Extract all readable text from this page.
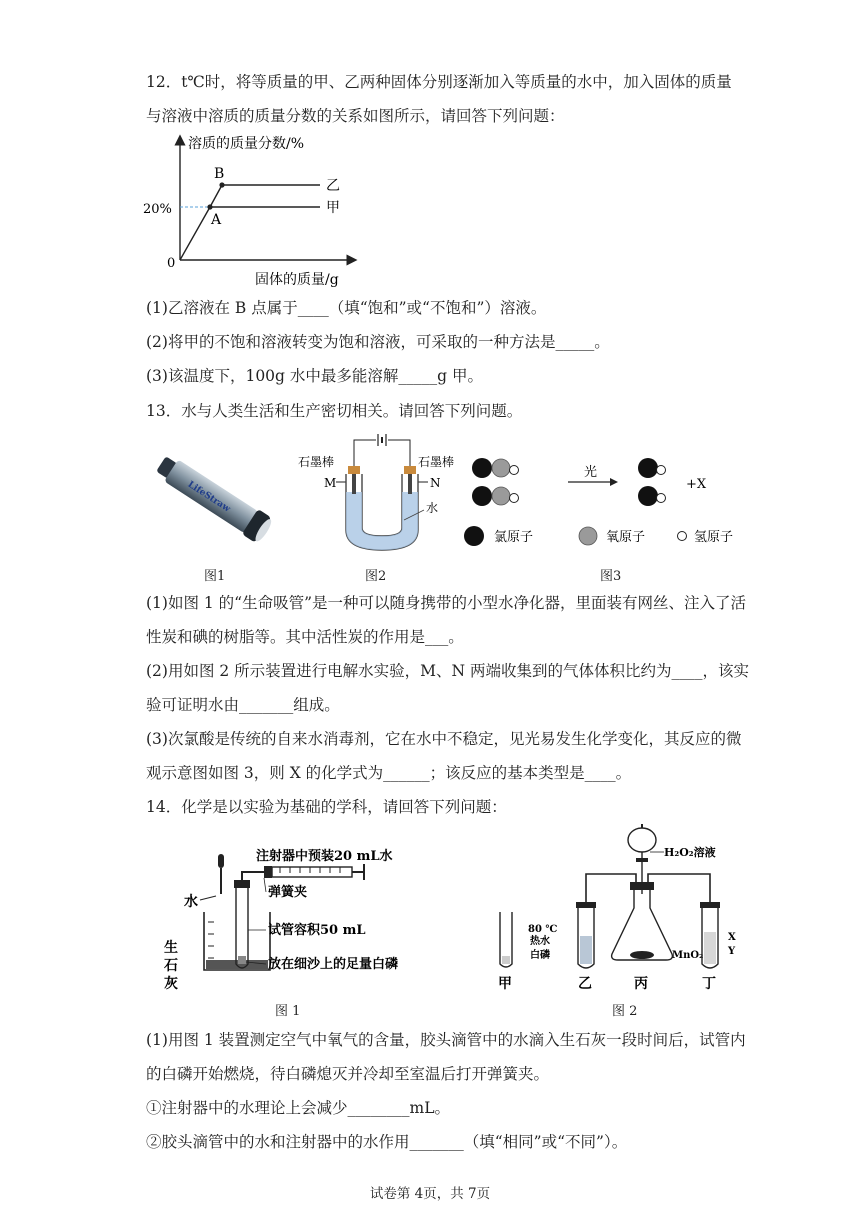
12．t℃时，将等质量的甲、乙两种固体分别逐渐加入等质量的水中，加入固体的质量
与溶液中溶质的质量分数的关系如图所示，请回答下列问题：
溶质的质量分数/%
固体的质量/g
0
20%
A
B
乙
甲
(1)乙溶液在 B 点属于____（填“饱和”或“不饱和”）溶液。
(2)将甲的不饱和溶液转变为饱和溶液，可采取的一种方法是_____。
(3)该温度下，100g 水中最多能溶解_____g 甲。
13．水与人类生活和生产密切相关。请回答下列问题。
LifeStraw
图1
石墨棒	石墨棒
M	N
水
图2
光
+X
氯原子	氧原子	氢原子
图3
(1)如图 1 的“生命吸管”是一种可以随身携带的小型水净化器，里面装有网丝、注入了活
性炭和碘的树脂等。其中活性炭的作用是___。
(2)用如图 2 所示装置进行电解水实验，M、N 两端收集到的气体体积比约为____，该实
验可证明水由_______组成。
(3)次氯酸是传统的自来水消毒剂，它在水中不稳定，见光易发生化学变化，其反应的微
观示意图如图 3，则 X 的化学式为______；该反应的基本类型是____。
14．化学是以实验为基础的学科，请回答下列问题：
水
注射器中预装20 mL水
弹簧夹
试管容积50 mL
放在细沙上的足量白磷
生
石
灰
图 1
H₂O₂溶液
MnO₂
80 ℃
热水
白磷
X
Y
甲	乙	丙	丁
图 2
(1)用图 1 装置测定空气中氧气的含量，胶头滴管中的水滴入生石灰一段时间后，试管内
的白磷开始燃烧，待白磷熄灭并冷却至室温后打开弹簧夹。
①注射器中的水理论上会减少________mL。
②胶头滴管中的水和注射器中的水作用_______（填“相同”或“不同”）。
试卷第 4页，共 7页
